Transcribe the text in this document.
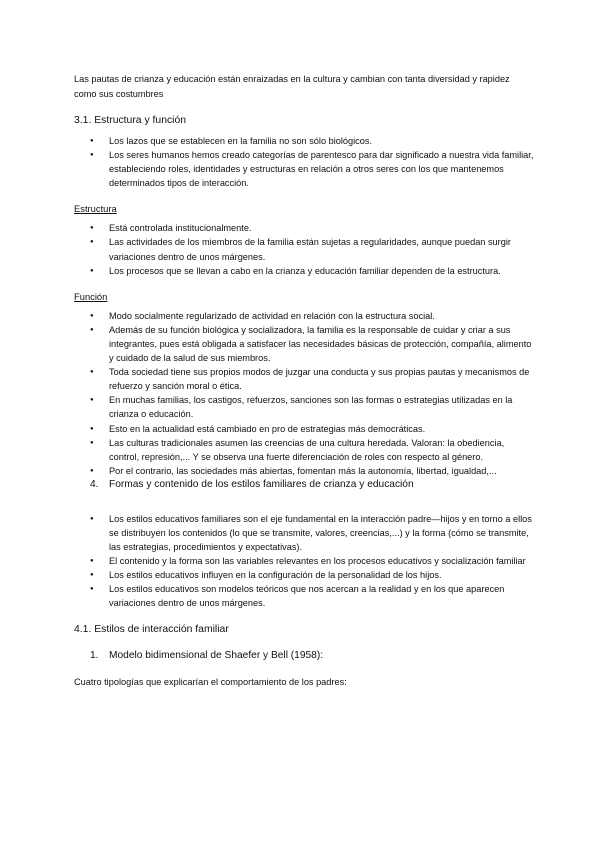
Las pautas de crianza y educación están enraizadas en la cultura y cambian con tanta diversidad y rapidez como sus costumbres

3.1. Estructura y función
● Los lazos que se establecen en la familia no son sólo biológicos.
● Los seres humanos hemos creado categorías de parentesco para dar significado a nuestra vida familiar, estableciendo roles, identidades y estructuras en relación a otros seres con los que mantenemos determinados tipos de interacción.
Estructura
● Está controlada institucionalmente.
● Las actividades de los miembros de la familia están sujetas a regularidades, aunque puedan surgir variaciones dentro de unos márgenes.
● Los procesos que se llevan a cabo en la crianza y educación familiar dependen de la estructura.
Función
● Modo socialmente regularizado de actividad en relación con la estructura social.
● Además de su función biológica y socializadora, la familia es la responsable de cuidar y criar a sus integrantes, pues está obligada a satisfacer las necesidades básicas de protección, compañía, alimento y cuidado de la salud de sus miembros.
● Toda sociedad tiene sus propios modos de juzgar una conducta y sus propias pautas y mecanismos de refuerzo y sanción moral o ética.
● En muchas familias, los castigos, refuerzos, sanciones son las formas o estrategias utilizadas en la crianza o educación.
● Esto en la actualidad está cambiado en pro de estrategias más democráticas.
● Las culturas tradicionales asumen las creencias de una cultura heredada. Valoran: la obediencia, control, represión,... Y se observa una fuerte diferenciación de roles con respecto al género.
● Por el contrario, las sociedades más abiertas, fomentan más la autonomía, libertad, igualdad,...
4. Formas y contenido de los estilos familiares de crianza y educación
● Los estilos educativos familiares son el eje fundamental en la interacción padre—hijos y en torno a ellos se distribuyen los contenidos (lo que se transmite, valores, creencias,...) y la forma (cómo se transmite, las estrategias, procedimientos y expectativas).
● El contenido y la forma son las variables relevantes en los procesos educativos y socialización familiar
● Los estilos educativos influyen en la configuración de la personalidad de los hijos.
● Los estilos educativos son modelos teóricos que nos acercan a la realidad y en los que aparecen variaciones dentro de unos márgenes.
4.1. Estilos de interacción familiar
1. Modelo bidimensional de Shaefer y Bell (1958):

Cuatro tipologías que explicarían el comportamiento de los padres:
